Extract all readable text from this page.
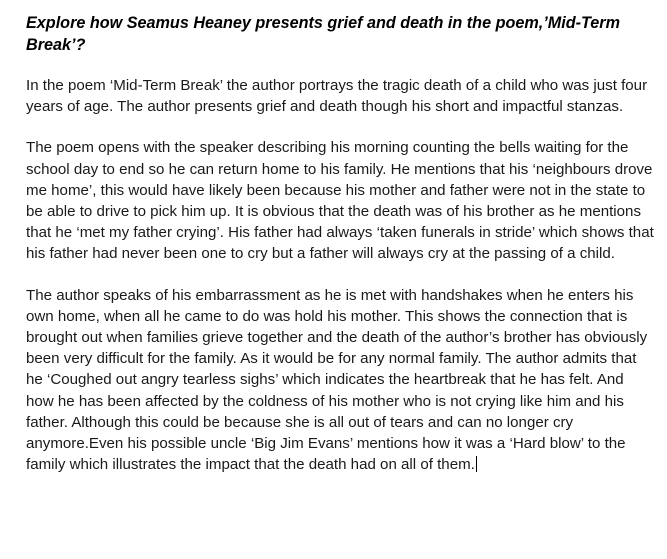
Explore how Seamus Heaney presents grief and death in the poem,’Mid-Term Break’?

In the poem ‘Mid-Term Break’ the author portrays the tragic death of a child who was just four years of age. The author presents grief and death though his short and impactful stanzas.

The poem opens with the speaker describing his morning counting the bells waiting for the school day to end so he can return home to his family. He mentions that his ‘neighbours drove me home’, this would have likely been because his mother and father were not in the state to be able to drive to pick him up. It is obvious that the death was of his brother as he mentions that he ‘met my father crying’. His father had always ‘taken funerals in stride’ which shows that his father had never been one to cry but a father will always cry at the passing of a child.

The author speaks of his embarrassment as he is met with handshakes when he enters his own home, when all he came to do was hold his mother. This shows the connection that is brought out when families grieve together and the death of the author’s brother has obviously been very difficult for the family. As it would be for any normal family. The author admits that he ‘Coughed out angry tearless sighs’ which indicates the heartbreak that he has felt. And how he has been affected by the coldness of his mother who is not crying like him and his father. Although this could be because she is all out of tears and can no longer cry anymore.Even his possible uncle ‘Big Jim Evans’ mentions how it was a ‘Hard blow’ to the family which illustrates the impact that the death had on all of them.
